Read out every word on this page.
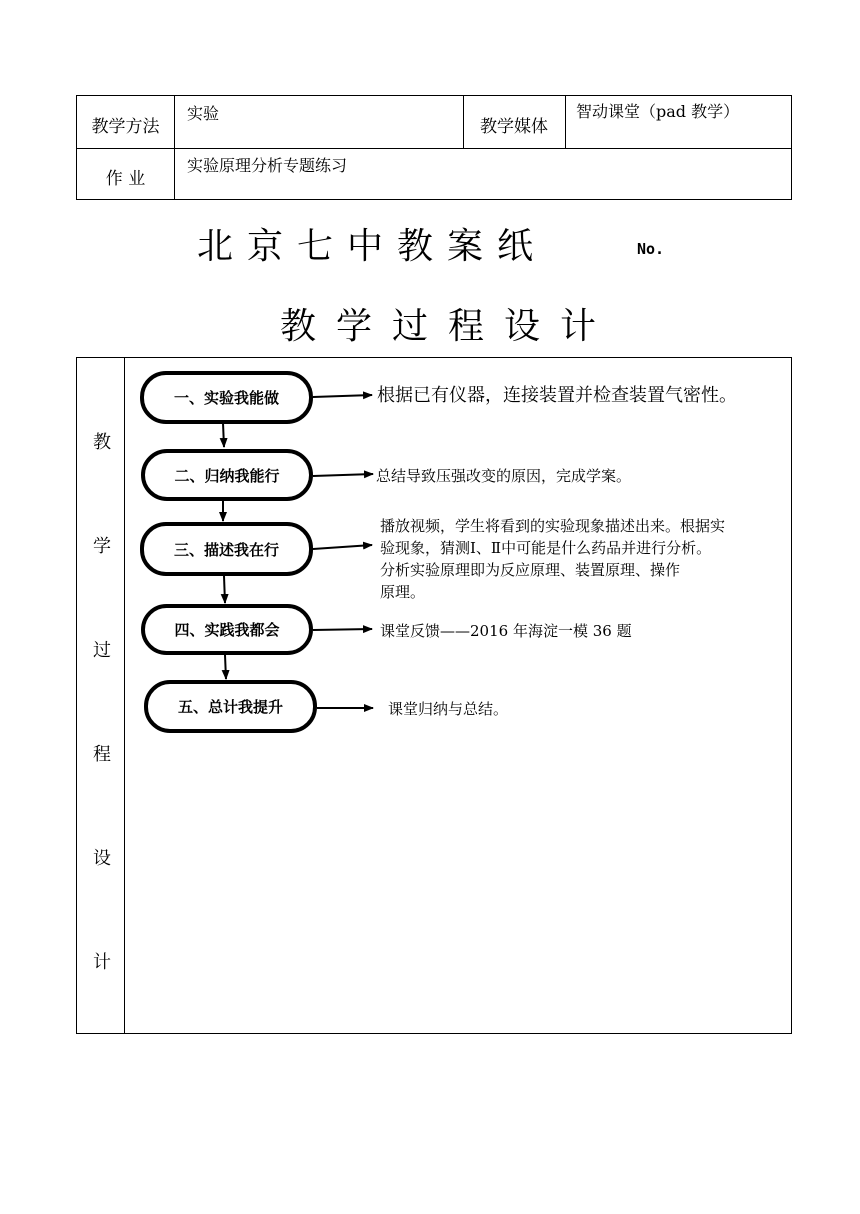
教学方法
实验
教学媒体
智动课堂（pad 教学）
作 业
实验原理分析专题练习
北京七中教案纸	No.
教学过程设计
教
学
过
程
设
计
一、实验我能做
二、归纳我能行
三、描述我在行
四、实践我都会
五、总计我提升
根据已有仪器，连接装置并检查装置气密性。
总结导致压强改变的原因，完成学案。
播放视频，学生将看到的实验现象描述出来。根据实
验现象，猜测Ⅰ、Ⅱ中可能是什么药品并进行分析。
分析实验原理即为反应原理、装置原理、操作
原理。
课堂反馈——2016 年海淀一模 36 题
课堂归纳与总结。
